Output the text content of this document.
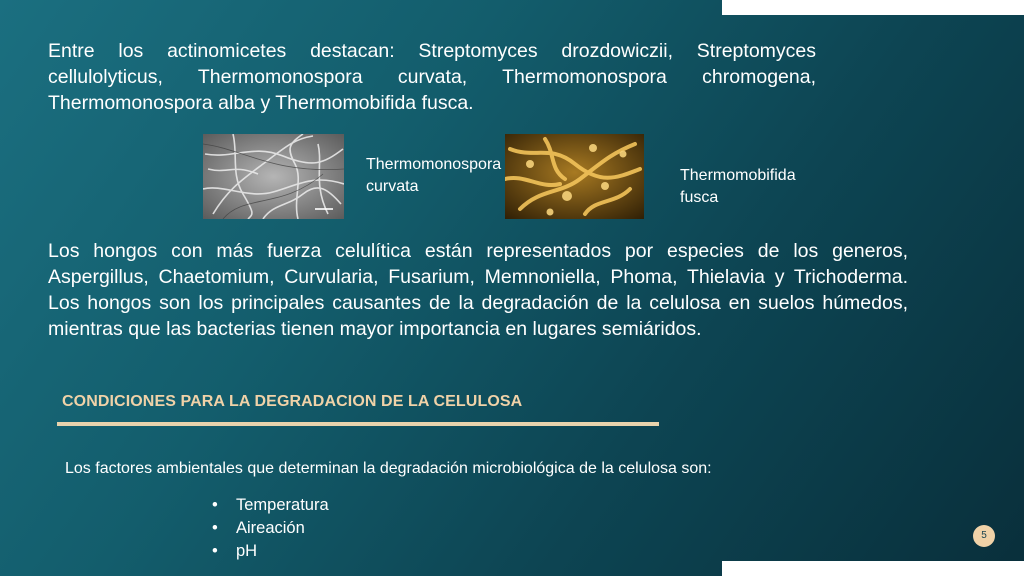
Entre los actinomicetes destacan: Streptomyces drozdowiczii, Streptomyces cellulolyticus, Thermomonospora curvata, Thermomonospora chromogena, Thermomonospora alba y Thermomobifida fusca.
Thermomonospora curvata
Thermomobifida fusca
Los hongos con más fuerza celulítica están representados por especies de los generos, Aspergillus, Chaetomium, Curvularia, Fusarium, Memnoniella, Phoma, Thielavia y Trichoderma. Los hongos son los principales causantes de la degradación de la celulosa en suelos húmedos, mientras que las bacterias tienen mayor importancia en lugares semiáridos.
CONDICIONES PARA LA DEGRADACION DE LA CELULOSA
Los factores ambientales que determinan la degradación microbiológica de la celulosa son:
• Temperatura
• Aireación
• pH
5
